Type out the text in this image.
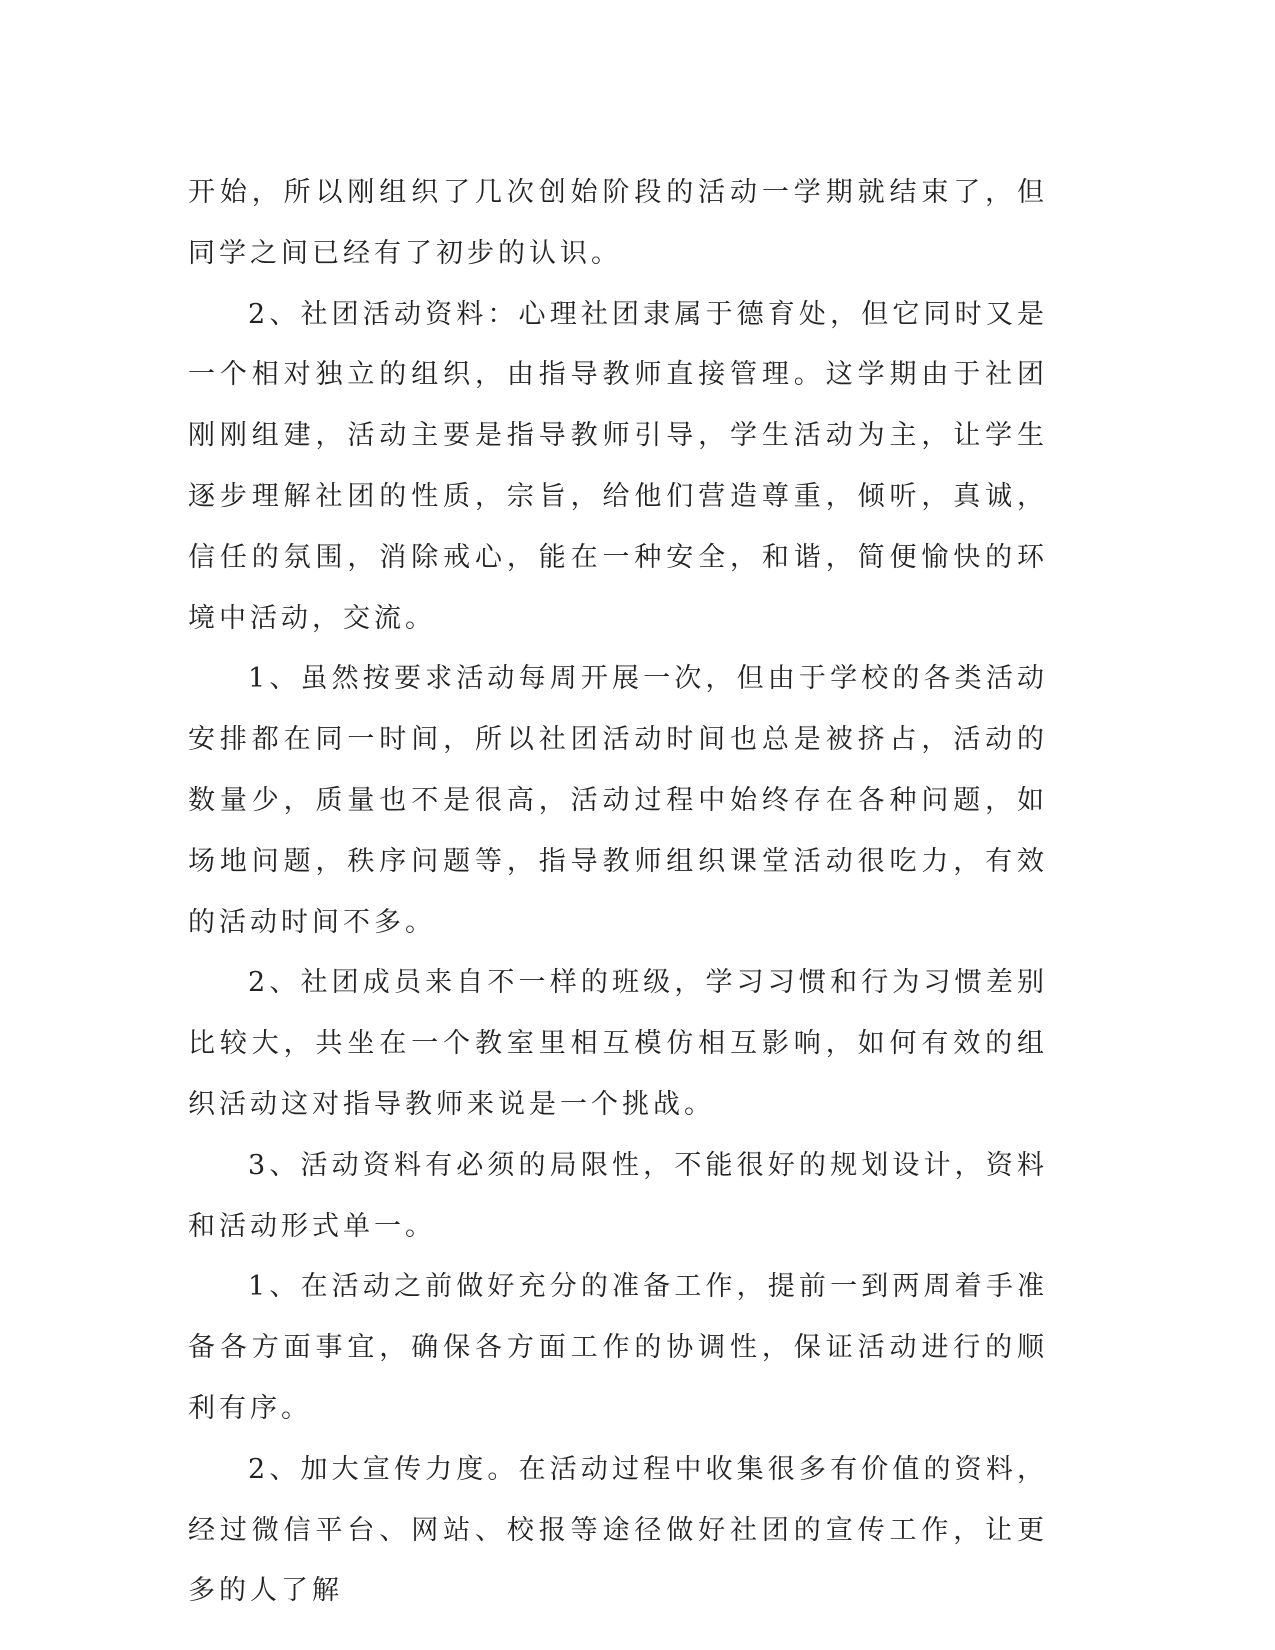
开始，所以刚组织了几次创始阶段的活动一学期就结束了，但同学之间已经有了初步的认识。

2、社团活动资料：心理社团隶属于德育处，但它同时又是一个相对独立的组织，由指导教师直接管理。这学期由于社团刚刚组建，活动主要是指导教师引导，学生活动为主，让学生逐步理解社团的性质，宗旨，给他们营造尊重，倾听，真诚，信任的氛围，消除戒心，能在一种安全，和谐，简便愉快的环境中活动，交流。

1、虽然按要求活动每周开展一次，但由于学校的各类活动安排都在同一时间，所以社团活动时间也总是被挤占，活动的数量少，质量也不是很高，活动过程中始终存在各种问题，如场地问题，秩序问题等，指导教师组织课堂活动很吃力，有效的活动时间不多。

2、社团成员来自不一样的班级，学习习惯和行为习惯差别比较大，共坐在一个教室里相互模仿相互影响，如何有效的组织活动这对指导教师来说是一个挑战。

3、活动资料有必须的局限性，不能很好的规划设计，资料和活动形式单一。

1、在活动之前做好充分的准备工作，提前一到两周着手准备各方面事宜，确保各方面工作的协调性，保证活动进行的顺利有序。

2、加大宣传力度。在活动过程中收集很多有价值的资料，经过微信平台、网站、校报等途径做好社团的宣传工作，让更多的人了解
